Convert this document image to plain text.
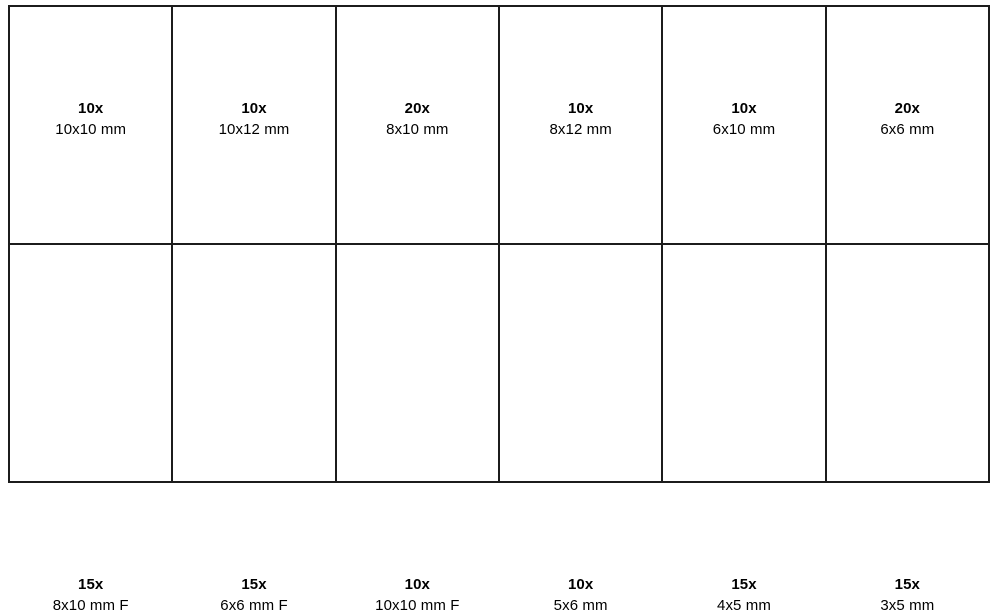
10x
10x10 mm
10x
10x12 mm
20x
8x10 mm
10x
8x12 mm
10x
6x10 mm
20x
6x6 mm
15x
8x10 mm F
15x
6x6 mm F
10x
10x10 mm F
10x
5x6 mm
15x
4x5 mm
15x
3x5 mm
